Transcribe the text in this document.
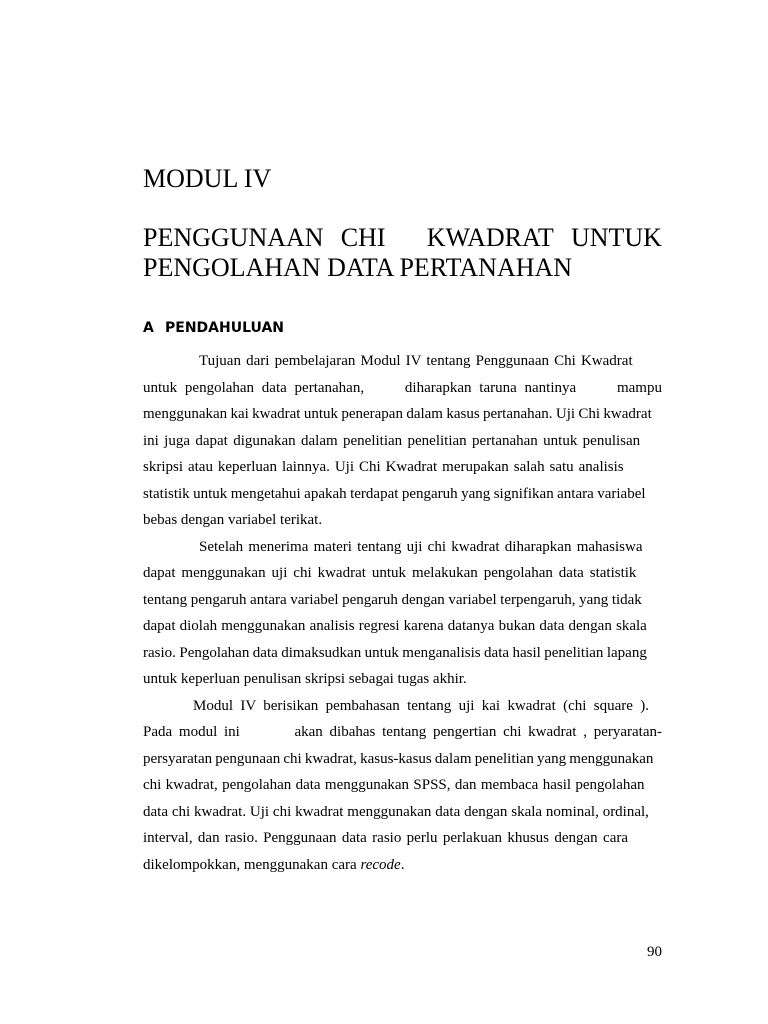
MODUL IV
PENGGUNAAN CHI KWADRAT UNTUK
PENGOLAHAN DATA PERTANAHAN
A PENDAHULUAN
Tujuan dari pembelajaran Modul IV tentang Penggunaan Chi Kwadrat
untuk pengolahan data pertanahan,	diharapkan taruna nantinya	mampu
menggunakan kai kwadrat untuk penerapan dalam kasus pertanahan. Uji Chi kwadrat
ini juga dapat digunakan dalam penelitian penelitian pertanahan untuk penulisan
skripsi atau keperluan lainnya. Uji Chi Kwadrat merupakan salah satu analisis
statistik untuk mengetahui apakah terdapat pengaruh yang signifikan antara variabel
bebas dengan variabel terikat.
Setelah menerima materi tentang uji chi kwadrat diharapkan mahasiswa
dapat menggunakan uji chi kwadrat untuk melakukan pengolahan data statistik
tentang pengaruh antara variabel pengaruh dengan variabel terpengaruh, yang tidak
dapat diolah menggunakan analisis regresi karena datanya bukan data dengan skala
rasio. Pengolahan data dimaksudkan untuk menganalisis data hasil penelitian lapang
untuk keperluan penulisan skripsi sebagai tugas akhir.
Modul IV berisikan pembahasan tentang uji kai kwadrat (chi square ).
Pada modul ini	akan dibahas tentang pengertian chi kwadrat , peryaratan-
persyaratan pengunaan chi kwadrat, kasus-kasus dalam penelitian yang menggunakan
chi kwadrat, pengolahan data menggunakan SPSS, dan membaca hasil pengolahan
data chi kwadrat. Uji chi kwadrat menggunakan data dengan skala nominal, ordinal,
interval, dan rasio. Penggunaan data rasio perlu perlakuan khusus dengan cara
dikelompokkan, menggunakan cara recode.
90
